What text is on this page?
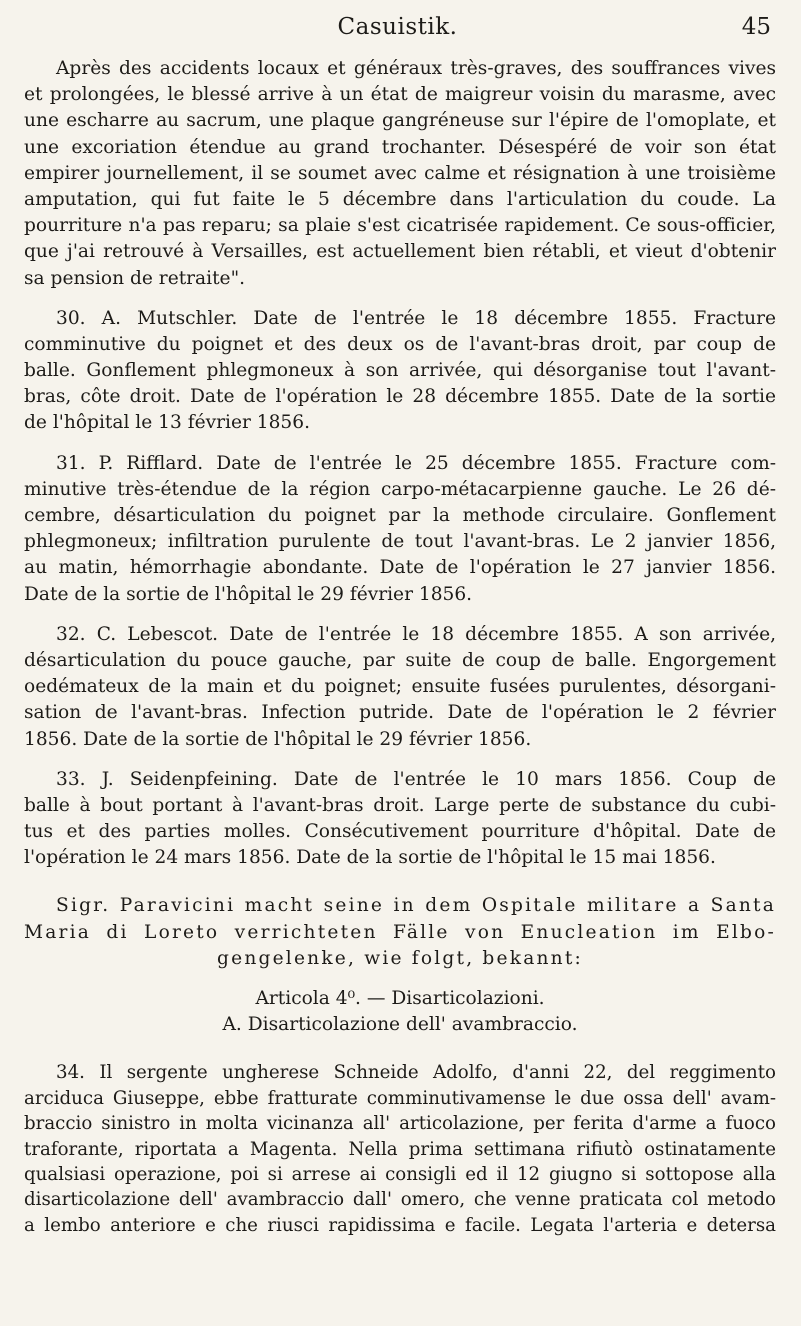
Casuistik.	45
Après des accidents locaux et généraux très-graves, des souffrances vives
et prolongées, le blessé arrive à un état de maigreur voisin du marasme, avec
une escharre au sacrum, une plaque gangréneuse sur l'épire de l'omoplate, et
une excoriation étendue au grand trochanter. Désespéré de voir son état
empirer journellement, il se soumet avec calme et résignation à une troisième
amputation, qui fut faite le 5 décembre dans l'articulation du coude. La
pourriture n'a pas reparu; sa plaie s'est cicatrisée rapidement. Ce sous-officier,
que j'ai retrouvé à Versailles, est actuellement bien rétabli, et vieut d'obtenir
sa pension de retraite".
30. A. Mutschler. Date de l'entrée le 18 décembre 1855. Fracture
comminutive du poignet et des deux os de l'avant-bras droit, par coup de
balle. Gonflement phlegmoneux à son arrivée, qui désorganise tout l'avant-
bras, côte droit. Date de l'opération le 28 décembre 1855. Date de la sortie
de l'hôpital le 13 février 1856.
31. P. Rifflard. Date de l'entrée le 25 décembre 1855. Fracture com-
minutive très-étendue de la région carpo-métacarpienne gauche. Le 26 dé-
cembre, désarticulation du poignet par la methode circulaire. Gonflement
phlegmoneux; infiltration purulente de tout l'avant-bras. Le 2 janvier 1856,
au matin, hémorrhagie abondante. Date de l'opération le 27 janvier 1856.
Date de la sortie de l'hôpital le 29 février 1856.
32. C. Lebescot. Date de l'entrée le 18 décembre 1855. A son arrivée,
désarticulation du pouce gauche, par suite de coup de balle. Engorgement
oedémateux de la main et du poignet; ensuite fusées purulentes, désorgani-
sation de l'avant-bras. Infection putride. Date de l'opération le 2 février
1856. Date de la sortie de l'hôpital le 29 février 1856.
33. J. Seidenpfeining. Date de l'entrée le 10 mars 1856. Coup de
balle à bout portant à l'avant-bras droit. Large perte de substance du cubi-
tus et des parties molles. Consécutivement pourriture d'hôpital. Date de
l'opération le 24 mars 1856. Date de la sortie de l'hôpital le 15 mai 1856.
Sigr. Paravicini macht seine in dem Ospitale militare a Santa
Maria di Loreto verrichteten Fälle von Enucleation im Elbo-
gengelenke, wie folgt, bekannt:
Articola 4⁰. — Disarticolazioni.
A. Disarticolazione dell' avambraccio.
34. Il sergente ungherese Schneide Adolfo, d'anni 22, del reggimento
arciduca Giuseppe, ebbe fratturate comminutivamense le due ossa dell' avam-
braccio sinistro in molta vicinanza all' articolazione, per ferita d'arme a fuoco
traforante, riportata a Magenta. Nella prima settimana rifiutò ostinatamente
qualsiasi operazione, poi si arrese ai consigli ed il 12 giugno si sottopose alla
disarticolazione dell' avambraccio dall' omero, che venne praticata col metodo
a lembo anteriore e che riusci rapidissima e facile. Legata l'arteria e detersa
